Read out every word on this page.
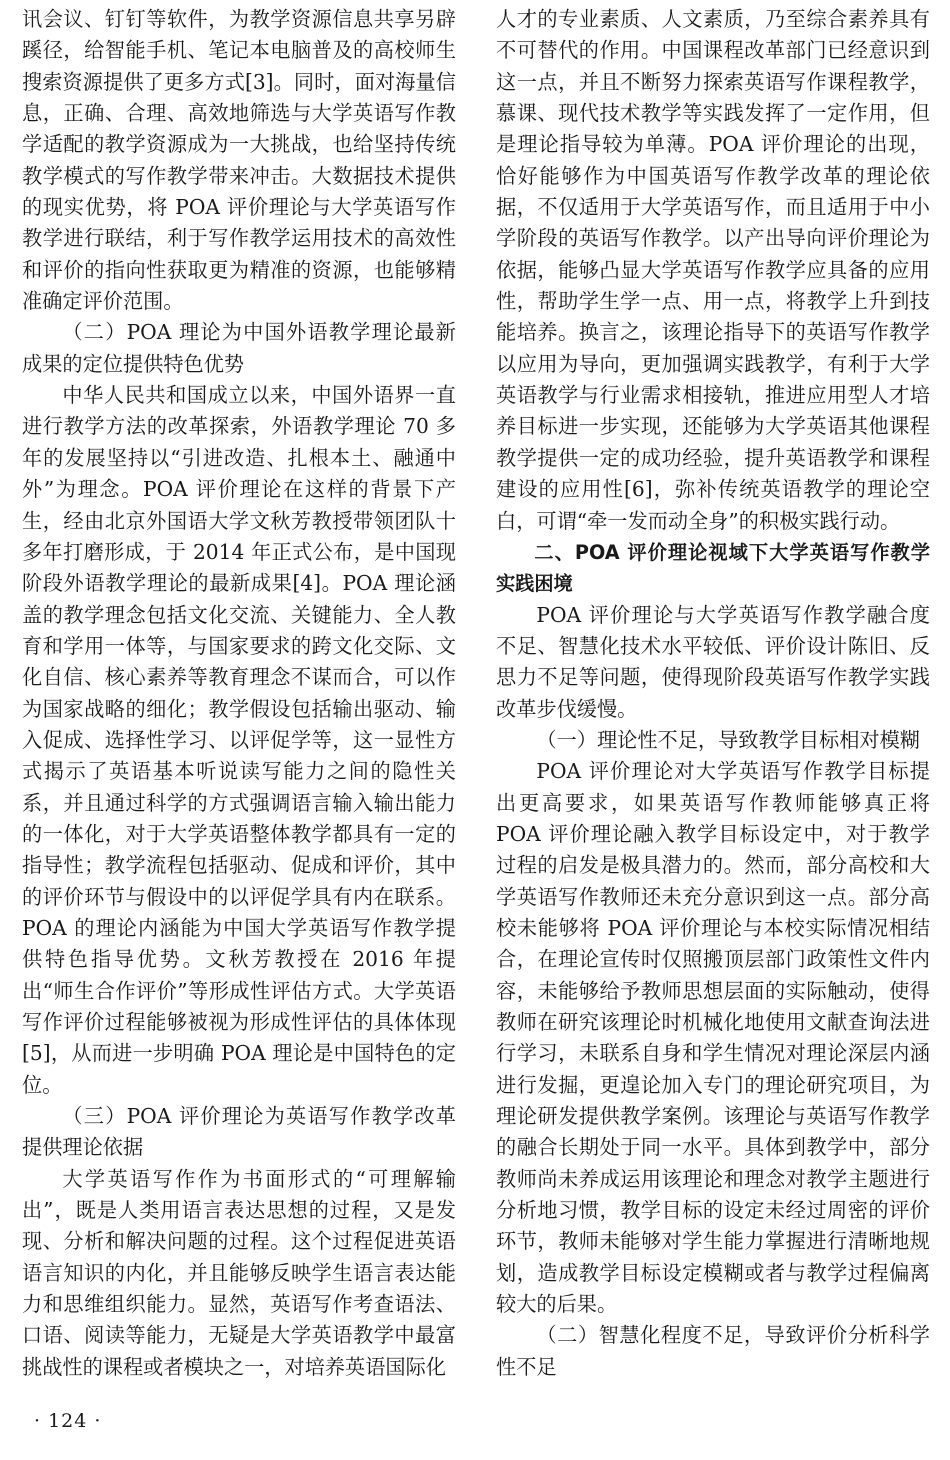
讯会议、钉钉等软件，为教学资源信息共享另辟蹊径，给智能手机、笔记本电脑普及的高校师生搜索资源提供了更多方式[3]。同时，面对海量信息，正确、合理、高效地筛选与大学英语写作教学适配的教学资源成为一大挑战，也给坚持传统教学模式的写作教学带来冲击。大数据技术提供的现实优势，将 POA 评价理论与大学英语写作教学进行联结，利于写作教学运用技术的高效性和评价的指向性获取更为精准的资源，也能够精准确定评价范围。

（二）POA 理论为中国外语教学理论最新成果的定位提供特色优势

中华人民共和国成立以来，中国外语界一直进行教学方法的改革探索，外语教学理论 70 多年的发展坚持以“引进改造、扎根本土、融通中外”为理念。POA 评价理论在这样的背景下产生，经由北京外国语大学文秋芳教授带领团队十多年打磨形成，于 2014 年正式公布，是中国现阶段外语教学理论的最新成果[4]。POA 理论涵盖的教学理念包括文化交流、关键能力、全人教育和学用一体等，与国家要求的跨文化交际、文化自信、核心素养等教育理念不谋而合，可以作为国家战略的细化；教学假设包括输出驱动、输入促成、选择性学习、以评促学等，这一显性方式揭示了英语基本听说读写能力之间的隐性关系，并且通过科学的方式强调语言输入输出能力的一体化，对于大学英语整体教学都具有一定的指导性；教学流程包括驱动、促成和评价，其中的评价环节与假设中的以评促学具有内在联系。POA 的理论内涵能为中国大学英语写作教学提供特色指导优势。文秋芳教授在 2016 年提出“师生合作评价”等形成性评估方式。大学英语写作评价过程能够被视为形成性评估的具体体现[5]，从而进一步明确 POA 理论是中国特色的定位。

（三）POA 评价理论为英语写作教学改革提供理论依据

大学英语写作作为书面形式的“可理解输出”，既是人类用语言表达思想的过程，又是发现、分析和解决问题的过程。这个过程促进英语语言知识的内化，并且能够反映学生语言表达能力和思维组织能力。显然，英语写作考查语法、口语、阅读等能力，无疑是大学英语教学中最富挑战性的课程或者模块之一，对培养英语国际化

人才的专业素质、人文素质，乃至综合素养具有不可替代的作用。中国课程改革部门已经意识到这一点，并且不断努力探索英语写作课程教学，慕课、现代技术教学等实践发挥了一定作用，但是理论指导较为单薄。POA 评价理论的出现，恰好能够作为中国英语写作教学改革的理论依据，不仅适用于大学英语写作，而且适用于中小学阶段的英语写作教学。以产出导向评价理论为依据，能够凸显大学英语写作教学应具备的应用性，帮助学生学一点、用一点，将教学上升到技能培养。换言之，该理论指导下的英语写作教学以应用为导向，更加强调实践教学，有利于大学英语教学与行业需求相接轨，推进应用型人才培养目标进一步实现，还能够为大学英语其他课程教学提供一定的成功经验，提升英语教学和课程建设的应用性[6]，弥补传统英语教学的理论空白，可谓“牵一发而动全身”的积极实践行动。

二、POA 评价理论视域下大学英语写作教学实践困境

POA 评价理论与大学英语写作教学融合度不足、智慧化技术水平较低、评价设计陈旧、反思力不足等问题，使得现阶段英语写作教学实践改革步伐缓慢。

（一）理论性不足，导致教学目标相对模糊

POA 评价理论对大学英语写作教学目标提出更高要求，如果英语写作教师能够真正将 POA 评价理论融入教学目标设定中，对于教学过程的启发是极具潜力的。然而，部分高校和大学英语写作教师还未充分意识到这一点。部分高校未能够将 POA 评价理论与本校实际情况相结合，在理论宣传时仅照搬顶层部门政策性文件内容，未能够给予教师思想层面的实际触动，使得教师在研究该理论时机械化地使用文献查询法进行学习，未联系自身和学生情况对理论深层内涵进行发掘，更遑论加入专门的理论研究项目，为理论研发提供教学案例。该理论与英语写作教学的融合长期处于同一水平。具体到教学中，部分教师尚未养成运用该理论和理念对教学主题进行分析地习惯，教学目标的设定未经过周密的评价环节，教师未能够对学生能力掌握进行清晰地规划，造成教学目标设定模糊或者与教学过程偏离较大的后果。

（二）智慧化程度不足，导致评价分析科学性不足

· 124 ·
